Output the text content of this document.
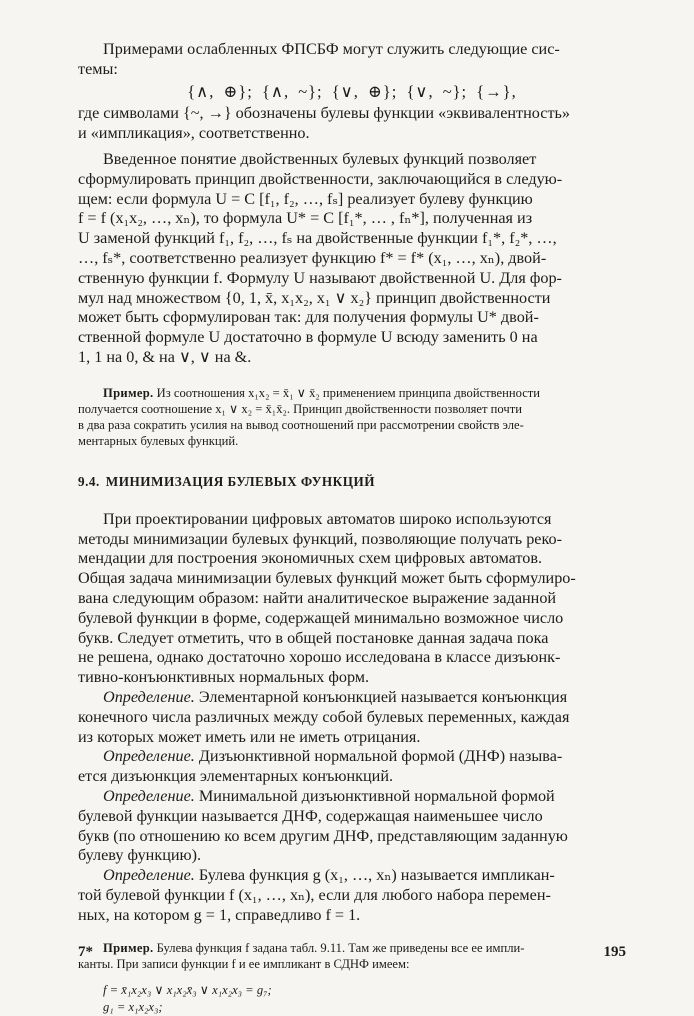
Примерами ослабленных ФПСБФ могут служить следующие сис-

темы:

{∧, ⊕}; {∧, ~}; {∨, ⊕}; {∨, ~}; {→},

где символами {~, →} обозначены булевы функции «эквивалентность»

и «импликация», соответственно.

Введенное понятие двойственных булевых функций позволяет

сформулировать принцип двойственности, заключающийся в следую-

щем: если формула U = C [f₁, f₂, …, fₛ] реализует булеву функцию

f = f (x₁x₂, …, xₙ), то формула U* = C [f₁*, … , fₙ*], полученная из

U заменой функций f₁, f₂, …, fₛ на двойственные функции f₁*, f₂*, …,

…, fₛ*, соответственно реализует функцию f* = f* (x₁, …, xₙ), двой-

ственную функции f. Формулу U называют двойственной U. Для фор-

мул над множеством {0, 1, x̄, x₁x₂, x₁ ∨ x₂} принцип двойственности

может быть сформулирован так: для получения формулы U* двой-

ственной формуле U достаточно в формуле U всюду заменить 0 на

1, 1 на 0, & на ∨, ∨ на &.

Пример. Из соотношения x₁x₂ = x̄₁ ∨ x̄₂ применением принципа двойственности

получается соотношение x₁ ∨ x₂ = x̄₁x̄₂. Принцип двойственности позволяет почти

в два раза сократить усилия на вывод соотношений при рассмотрении свойств эле-

ментарных булевых функций.

9.4. МИНИМИЗАЦИЯ БУЛЕВЫХ ФУНКЦИЙ

При проектировании цифровых автоматов широко используются

методы минимизации булевых функций, позволяющие получать реко-

мендации для построения экономичных схем цифровых автоматов.

Общая задача минимизации булевых функций может быть сформулиро-

вана следующим образом: найти аналитическое выражение заданной

булевой функции в форме, содержащей минимально возможное число

букв. Следует отметить, что в общей постановке данная задача пока

не решена, однако достаточно хорошо исследована в классе дизъюнк-

тивно-конъюнктивных нормальных форм.

Определение. Элементарной конъюнкцией называется конъюнкция

конечного числа различных между собой булевых переменных, каждая

из которых может иметь или не иметь отрицания.

Определение. Дизъюнктивной нормальной формой (ДНФ) называ-

ется дизъюнкция элементарных конъюнкций.

Определение. Минимальной дизъюнктивной нормальной формой

булевой функции называется ДНФ, содержащая наименьшее число

букв (по отношению ко всем другим ДНФ, представляющим заданную

булеву функцию).

Определение. Булева функция g (x₁, …, xₙ) называется импликан-

той булевой функции f (x₁, …, xₙ), если для любого набора перемен-

ных, на котором g = 1, справедливо f = 1.

Пример. Булева функция f задана табл. 9.11. Там же приведены все ее импли-

канты. При записи функции f и ее импликант в СДНФ имеем:

f = x̄₁x₂x₃ ∨ x₁x₂x̄₃ ∨ x₁x₂x₃ = g₇;

g₁ = x₁x₂x₃;

7*	195
